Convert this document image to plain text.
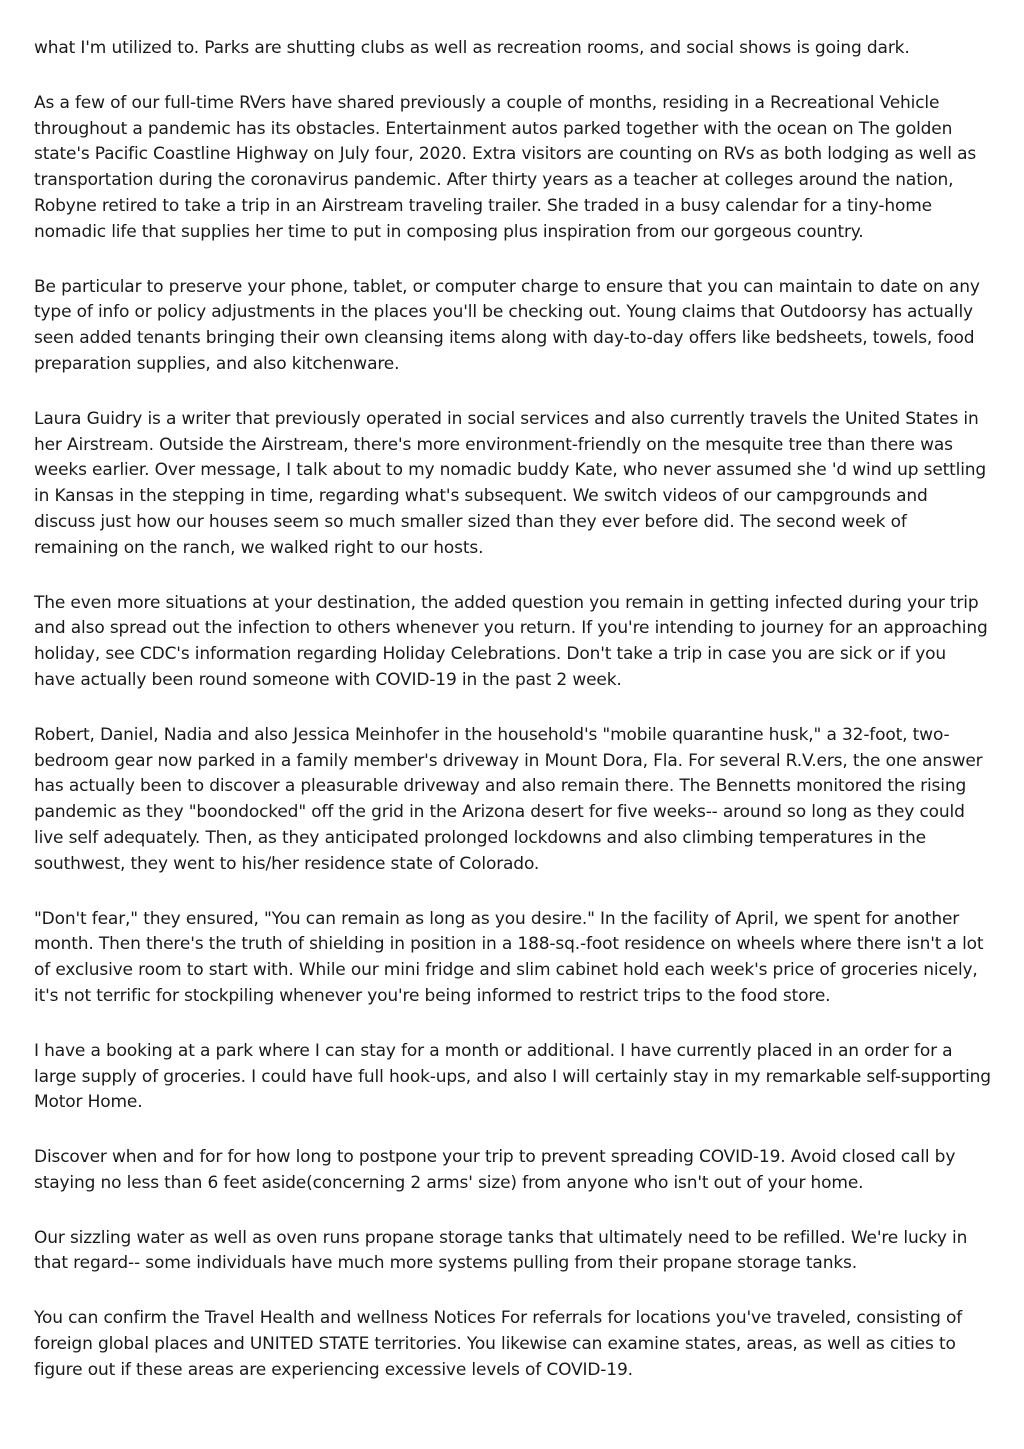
what I'm utilized to. Parks are shutting clubs as well as recreation rooms, and social shows is going dark.

As a few of our full-time RVers have shared previously a couple of months, residing in a Recreational Vehicle throughout a pandemic has its obstacles. Entertainment autos parked together with the ocean on The golden state's Pacific Coastline Highway on July four, 2020. Extra visitors are counting on RVs as both lodging as well as transportation during the coronavirus pandemic. After thirty years as a teacher at colleges around the nation, Robyne retired to take a trip in an Airstream traveling trailer. She traded in a busy calendar for a tiny-home nomadic life that supplies her time to put in composing plus inspiration from our gorgeous country.

Be particular to preserve your phone, tablet, or computer charge to ensure that you can maintain to date on any type of info or policy adjustments in the places you'll be checking out. Young claims that Outdoorsy has actually seen added tenants bringing their own cleansing items along with day-to-day offers like bedsheets, towels, food preparation supplies, and also kitchenware.

Laura Guidry is a writer that previously operated in social services and also currently travels the United States in her Airstream. Outside the Airstream, there's more environment-friendly on the mesquite tree than there was weeks earlier. Over message, I talk about to my nomadic buddy Kate, who never assumed she 'd wind up settling in Kansas in the stepping in time, regarding what's subsequent. We switch videos of our campgrounds and discuss just how our houses seem so much smaller sized than they ever before did. The second week of remaining on the ranch, we walked right to our hosts.

The even more situations at your destination, the added question you remain in getting infected during your trip and also spread out the infection to others whenever you return. If you're intending to journey for an approaching holiday, see CDC's information regarding Holiday Celebrations. Don't take a trip in case you are sick or if you have actually been round someone with COVID-19 in the past 2 week.

Robert, Daniel, Nadia and also Jessica Meinhofer in the household's "mobile quarantine husk," a 32-foot, two-bedroom gear now parked in a family member's driveway in Mount Dora, Fla. For several R.V.ers, the one answer has actually been to discover a pleasurable driveway and also remain there. The Bennetts monitored the rising pandemic as they "boondocked" off the grid in the Arizona desert for five weeks-- around so long as they could live self adequately. Then, as they anticipated prolonged lockdowns and also climbing temperatures in the southwest, they went to his/her residence state of Colorado.

"Don't fear," they ensured, "You can remain as long as you desire." In the facility of April, we spent for another month. Then there's the truth of shielding in position in a 188-sq.-foot residence on wheels where there isn't a lot of exclusive room to start with. While our mini fridge and slim cabinet hold each week's price of groceries nicely, it's not terrific for stockpiling whenever you're being informed to restrict trips to the food store.

I have a booking at a park where I can stay for a month or additional. I have currently placed in an order for a large supply of groceries. I could have full hook-ups, and also I will certainly stay in my remarkable self-supporting Motor Home.

Discover when and for for how long to postpone your trip to prevent spreading COVID-19. Avoid closed call by staying no less than 6 feet aside(concerning 2 arms' size) from anyone who isn't out of your home.

Our sizzling water as well as oven runs propane storage tanks that ultimately need to be refilled. We're lucky in that regard-- some individuals have much more systems pulling from their propane storage tanks.

You can confirm the Travel Health and wellness Notices For referrals for locations you've traveled, consisting of foreign global places and UNITED STATE territories. You likewise can examine states, areas, as well as cities to figure out if these areas are experiencing excessive levels of COVID-19.
